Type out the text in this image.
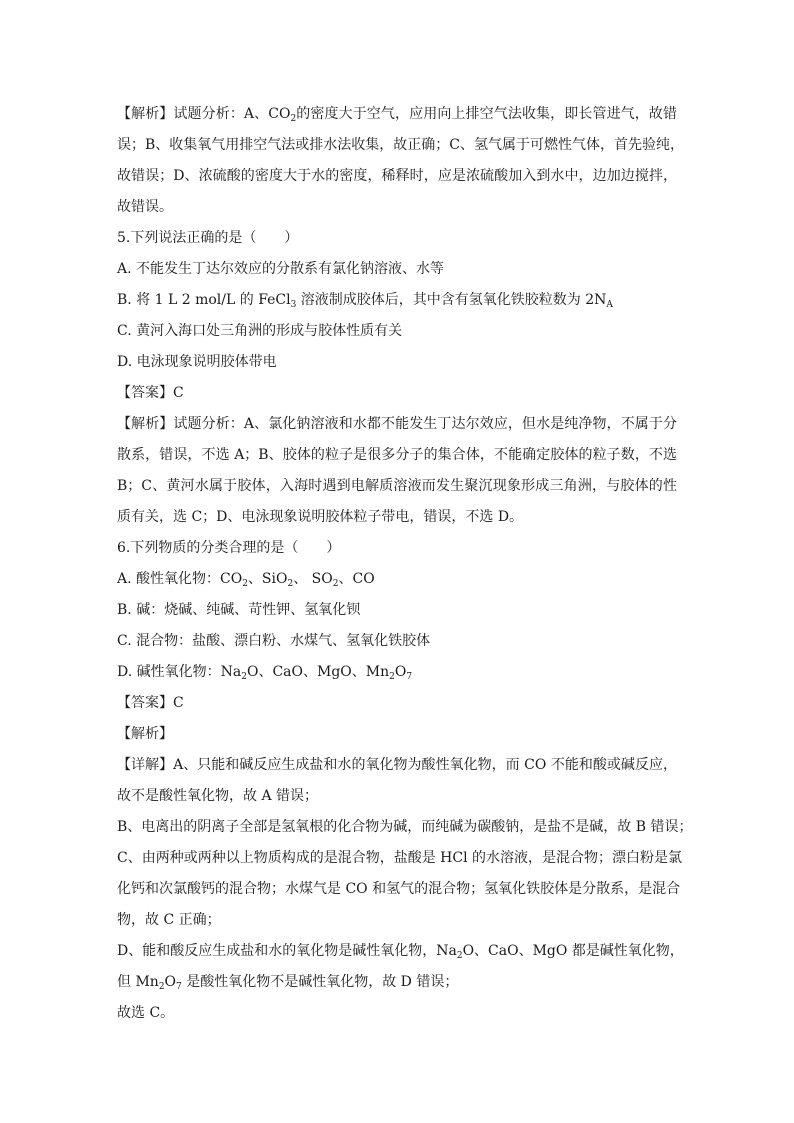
【解析】试题分析：A、$CO_2$的密度大于空气，应用向上排空气法收集，即长管进气，故错
误；B、收集氧气用排空气法或排水法收集，故正确；C、氢气属于可燃性气体，首先验纯，
故错误；D、浓硫酸的密度大于水的密度，稀释时，应是浓硫酸加入到水中，边加边搅拌，
故错误。
5.下列说法正确的是（　　）
A. 不能发生丁达尔效应的分散系有氯化钠溶液、水等
B. 将 1 L 2 mol/L 的 FeCl$_3$ 溶液制成胶体后，其中含有氢氧化铁胶粒数为 $2N_A$
C. 黄河入海口处三角洲的形成与胶体性质有关
D. 电泳现象说明胶体带电
【答案】C
【解析】试题分析：A、氯化钠溶液和水都不能发生丁达尔效应，但水是纯净物，不属于分
散系，错误，不选 A；B、胶体的粒子是很多分子的集合体，不能确定胶体的粒子数，不选
B；C、黄河水属于胶体，入海时遇到电解质溶液而发生聚沉现象形成三角洲，与胶体的性
质有关，选 C；D、电泳现象说明胶体粒子带电，错误，不选 D。
6.下列物质的分类合理的是（　　）
A. 酸性氧化物：$CO_2$、SiO$_2$、 $SO_2$、CO
B. 碱：烧碱、纯碱、苛性钾、氢氧化钡
C. 混合物：盐酸、漂白粉、水煤气、氢氧化铁胶体
D. 碱性氧化物：$Na_2O$、CaO、MgO、$Mn_2O_7$
【答案】C
【解析】
【详解】A、只能和碱反应生成盐和水的氧化物为酸性氧化物，而 CO 不能和酸或碱反应，
故不是酸性氧化物，故 A 错误；
B、电离出的阴离子全部是氢氧根的化合物为碱，而纯碱为碳酸钠，是盐不是碱，故 B 错误；
C、由两种或两种以上物质构成的是混合物，盐酸是 HCl 的水溶液，是混合物；漂白粉是氯
化钙和次氯酸钙的混合物；水煤气是 CO 和氢气的混合物；氢氧化铁胶体是分散系，是混合
物，故 C 正确；
D、能和酸反应生成盐和水的氧化物是碱性氧化物，$Na_2O$、CaO、MgO 都是碱性氧化物，
但 $Mn_2O_7$ 是酸性氧化物不是碱性氧化物，故 D 错误；
故选 C。
